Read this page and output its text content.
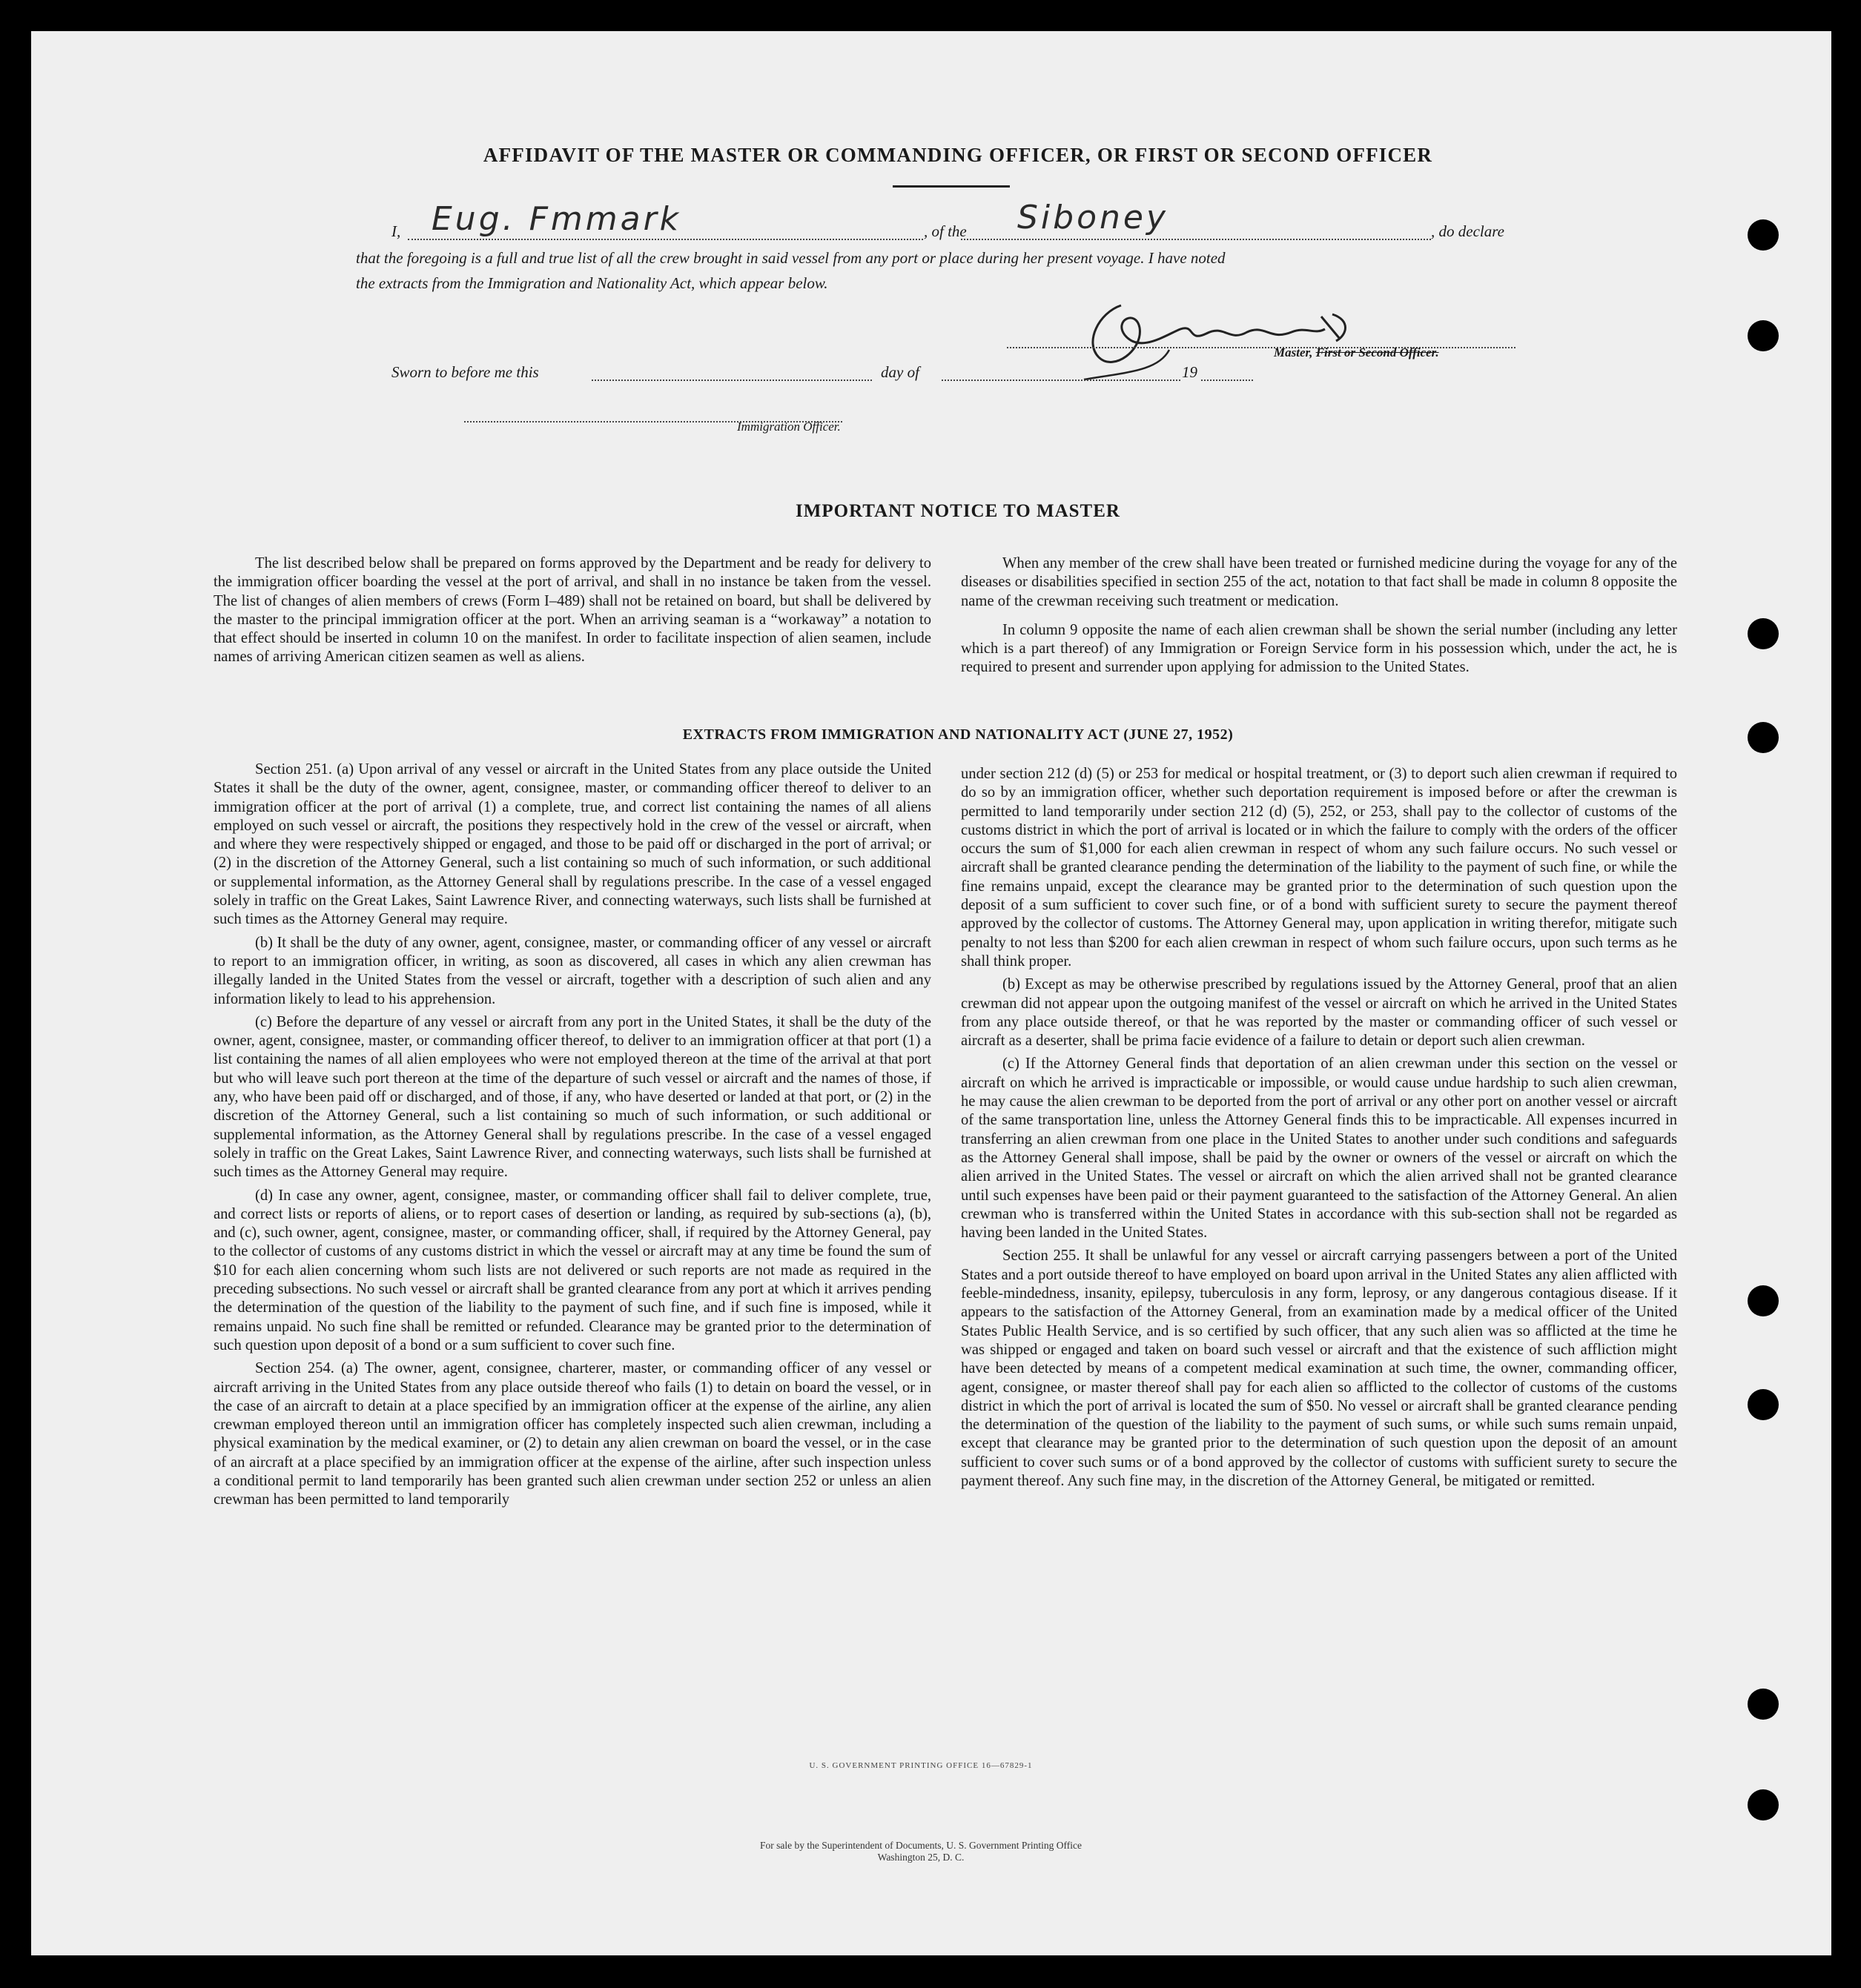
AFFIDAVIT OF THE MASTER OR COMMANDING OFFICER, OR FIRST OR SECOND OFFICER
I, Eug. Fmmark	, of the Siboney	, do declare
that the foregoing is a full and true list of all the crew brought in said vessel from any port or place during her present voyage. I have noted
the extracts from the Immigration and Nationality Act, which appear below.
Master, First or Second Officer.
Sworn to before me this	day of	19
Immigration Officer.
IMPORTANT NOTICE TO MASTER

The list described below shall be prepared on forms approved by the Department and be ready for delivery to the immigration officer boarding the vessel at the port of arrival, and shall in no instance be taken from the vessel. The list of changes of alien members of crews (Form I–489) shall not be retained on board, but shall be delivered by the master to the principal immigration officer at the port. When an arriving seaman is a “workaway” a notation to that effect should be inserted in column 10 on the manifest. In order to facilitate inspection of alien seamen, include names of arriving American citizen seamen as well as aliens.

When any member of the crew shall have been treated or furnished medicine during the voyage for any of the diseases or disabilities specified in section 255 of the act, notation to that fact shall be made in column 8 opposite the name of the crewman receiving such treatment or medication.

In column 9 opposite the name of each alien crewman shall be shown the serial number (including any letter which is a part thereof) of any Immigration or Foreign Service form in his possession which, under the act, he is required to present and surrender upon applying for admission to the United States.

EXTRACTS FROM IMMIGRATION AND NATIONALITY ACT (JUNE 27, 1952)

Section 251. (a) Upon arrival of any vessel or aircraft in the United States from any place outside the United States it shall be the duty of the owner, agent, consignee, master, or commanding officer thereof to deliver to an immigration officer at the port of arrival (1) a complete, true, and correct list containing the names of all aliens employed on such vessel or aircraft, the positions they respectively hold in the crew of the vessel or aircraft, when and where they were respectively shipped or engaged, and those to be paid off or discharged in the port of arrival; or (2) in the discretion of the Attorney General, such a list containing so much of such information, or such additional or supplemental information, as the Attorney General shall by regulations prescribe. In the case of a vessel engaged solely in traffic on the Great Lakes, Saint Lawrence River, and connecting waterways, such lists shall be furnished at such times as the Attorney General may require.

(b) It shall be the duty of any owner, agent, consignee, master, or commanding officer of any vessel or aircraft to report to an immigration officer, in writing, as soon as discovered, all cases in which any alien crewman has illegally landed in the United States from the vessel or aircraft, together with a description of such alien and any information likely to lead to his apprehension.

(c) Before the departure of any vessel or aircraft from any port in the United States, it shall be the duty of the owner, agent, consignee, master, or commanding officer thereof, to deliver to an immigration officer at that port (1) a list containing the names of all alien employees who were not employed thereon at the time of the arrival at that port but who will leave such port thereon at the time of the departure of such vessel or aircraft and the names of those, if any, who have been paid off or discharged, and of those, if any, who have deserted or landed at that port, or (2) in the discretion of the Attorney General, such a list containing so much of such information, or such additional or supplemental information, as the Attorney General shall by regulations prescribe. In the case of a vessel engaged solely in traffic on the Great Lakes, Saint Lawrence River, and connecting waterways, such lists shall be furnished at such times as the Attorney General may require.

(d) In case any owner, agent, consignee, master, or commanding officer shall fail to deliver complete, true, and correct lists or reports of aliens, or to report cases of desertion or landing, as required by sub-sections (a), (b), and (c), such owner, agent, consignee, master, or commanding officer, shall, if required by the Attorney General, pay to the collector of customs of any customs district in which the vessel or aircraft may at any time be found the sum of $10 for each alien concerning whom such lists are not delivered or such reports are not made as required in the preceding subsections. No such vessel or aircraft shall be granted clearance from any port at which it arrives pending the determination of the question of the liability to the payment of such fine, and if such fine is imposed, while it remains unpaid. No such fine shall be remitted or refunded. Clearance may be granted prior to the determination of such question upon deposit of a bond or a sum sufficient to cover such fine.

Section 254. (a) The owner, agent, consignee, charterer, master, or commanding officer of any vessel or aircraft arriving in the United States from any place outside thereof who fails (1) to detain on board the vessel, or in the case of an aircraft to detain at a place specified by an immigration officer at the expense of the airline, any alien crewman employed thereon until an immigration officer has completely inspected such alien crewman, including a physical examination by the medical examiner, or (2) to detain any alien crewman on board the vessel, or in the case of an aircraft at a place specified by an immigration officer at the expense of the airline, after such inspection unless a conditional permit to land temporarily has been granted such alien crewman under section 252 or unless an alien crewman has been permitted to land temporarily

under section 212 (d) (5) or 253 for medical or hospital treatment, or (3) to deport such alien crewman if required to do so by an immigration officer, whether such deportation requirement is imposed before or after the crewman is permitted to land temporarily under section 212 (d) (5), 252, or 253, shall pay to the collector of customs of the customs district in which the port of arrival is located or in which the failure to comply with the orders of the officer occurs the sum of $1,000 for each alien crewman in respect of whom any such failure occurs. No such vessel or aircraft shall be granted clearance pending the determination of the liability to the payment of such fine, or while the fine remains unpaid, except the clearance may be granted prior to the determination of such question upon the deposit of a sum sufficient to cover such fine, or of a bond with sufficient surety to secure the payment thereof approved by the collector of customs. The Attorney General may, upon application in writing therefor, mitigate such penalty to not less than $200 for each alien crewman in respect of whom such failure occurs, upon such terms as he shall think proper.

(b) Except as may be otherwise prescribed by regulations issued by the Attorney General, proof that an alien crewman did not appear upon the outgoing manifest of the vessel or aircraft on which he arrived in the United States from any place outside thereof, or that he was reported by the master or commanding officer of such vessel or aircraft as a deserter, shall be prima facie evidence of a failure to detain or deport such alien crewman.

(c) If the Attorney General finds that deportation of an alien crewman under this section on the vessel or aircraft on which he arrived is impracticable or impossible, or would cause undue hardship to such alien crewman, he may cause the alien crewman to be deported from the port of arrival or any other port on another vessel or aircraft of the same transportation line, unless the Attorney General finds this to be impracticable. All expenses incurred in transferring an alien crewman from one place in the United States to another under such conditions and safeguards as the Attorney General shall impose, shall be paid by the owner or owners of the vessel or aircraft on which the alien arrived in the United States. The vessel or aircraft on which the alien arrived shall not be granted clearance until such expenses have been paid or their payment guaranteed to the satisfaction of the Attorney General. An alien crewman who is transferred within the United States in accordance with this sub-section shall not be regarded as having been landed in the United States.

Section 255. It shall be unlawful for any vessel or aircraft carrying passengers between a port of the United States and a port outside thereof to have employed on board upon arrival in the United States any alien afflicted with feeble-mindedness, insanity, epilepsy, tuberculosis in any form, leprosy, or any dangerous contagious disease. If it appears to the satisfaction of the Attorney General, from an examination made by a medical officer of the United States Public Health Service, and is so certified by such officer, that any such alien was so afflicted at the time he was shipped or engaged and taken on board such vessel or aircraft and that the existence of such affliction might have been detected by means of a competent medical examination at such time, the owner, commanding officer, agent, consignee, or master thereof shall pay for each alien so afflicted to the collector of customs of the customs district in which the port of arrival is located the sum of $50. No vessel or aircraft shall be granted clearance pending the determination of the question of the liability to the payment of such sums, or while such sums remain unpaid, except that clearance may be granted prior to the determination of such question upon the deposit of an amount sufficient to cover such sums or of a bond approved by the collector of customs with sufficient surety to secure the payment thereof. Any such fine may, in the discretion of the Attorney General, be mitigated or remitted.

U. S. GOVERNMENT PRINTING OFFICE 16—67829-1
For sale by the Superintendent of Documents, U. S. Government Printing Office
Washington 25, D. C.
